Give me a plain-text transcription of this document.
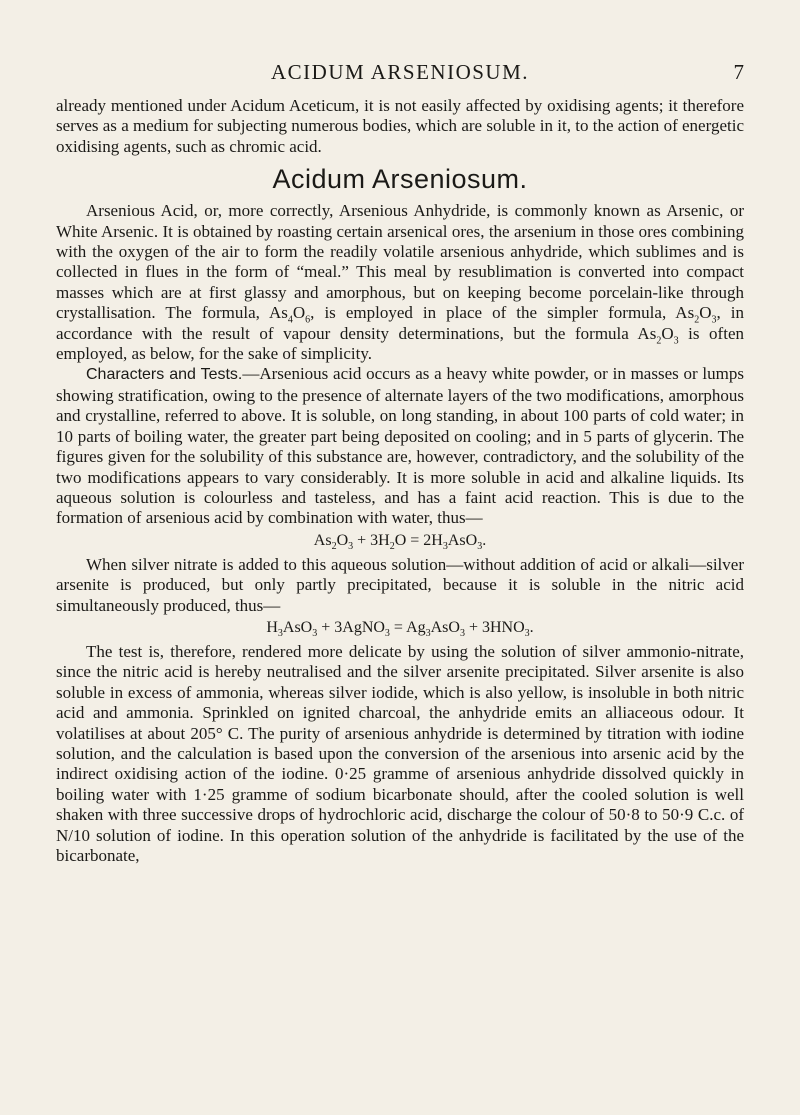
ACIDUM ARSENIOSUM.	7

already mentioned under Acidum Aceticum, it is not easily affected by oxidising agents; it therefore serves as a medium for subjecting numerous bodies, which are soluble in it, to the action of energetic oxidising agents, such as chromic acid.

Acidum Arseniosum.

Arsenious Acid, or, more correctly, Arsenious Anhydride, is commonly known as Arsenic, or White Arsenic. It is obtained by roasting certain arsenical ores, the arsenium in those ores combining with the oxygen of the air to form the readily volatile arsenious anhydride, which sublimes and is collected in flues in the form of “meal.” This meal by resublimation is converted into compact masses which are at first glassy and amorphous, but on keeping become porcelain-like through crystallisation. The formula, $As_4O_6$, is employed in place of the simpler formula, $As_2O_3$, in accordance with the result of vapour density determinations, but the formula $As_2O_3$ is often employed, as below, for the sake of simplicity.

Characters and Tests.—Arsenious acid occurs as a heavy white powder, or in masses or lumps showing stratification, owing to the presence of alternate layers of the two modifications, amorphous and crystalline, referred to above. It is soluble, on long standing, in about 100 parts of cold water; in 10 parts of boiling water, the greater part being deposited on cooling; and in 5 parts of glycerin. The figures given for the solubility of this substance are, however, contradictory, and the solubility of the two modifications appears to vary considerably. It is more soluble in acid and alkaline liquids. Its aqueous solution is colourless and tasteless, and has a faint acid reaction. This is due to the formation of arsenious acid by combination with water, thus—

$As_2O_3 + 3H_2O = 2H_3AsO_3$.

When silver nitrate is added to this aqueous solution—without addition of acid or alkali—silver arsenite is produced, but only partly precipitated, because it is soluble in the nitric acid simultaneously produced, thus—

$H_3AsO_3$ + 3AgNO$_3$ = $Ag_3AsO_3 + 3HNO_3$.

The test is, therefore, rendered more delicate by using the solution of silver ammonio-nitrate, since the nitric acid is hereby neutralised and the silver arsenite precipitated. Silver arsenite is also soluble in excess of ammonia, whereas silver iodide, which is also yellow, is insoluble in both nitric acid and ammonia. Sprinkled on ignited charcoal, the anhydride emits an alliaceous odour. It volatilises at about 205° C. The purity of arsenious anhydride is determined by titration with iodine solution, and the calculation is based upon the conversion of the arsenious into arsenic acid by the indirect oxidising action of the iodine. 0·25 gramme of arsenious anhydride dissolved quickly in boiling water with 1·25 gramme of sodium bicarbonate should, after the cooled solution is well shaken with three successive drops of hydrochloric acid, discharge the colour of 50·8 to 50·9 C.c. of N/10 solution of iodine. In this operation solution of the anhydride is facilitated by the use of the bicarbonate,
